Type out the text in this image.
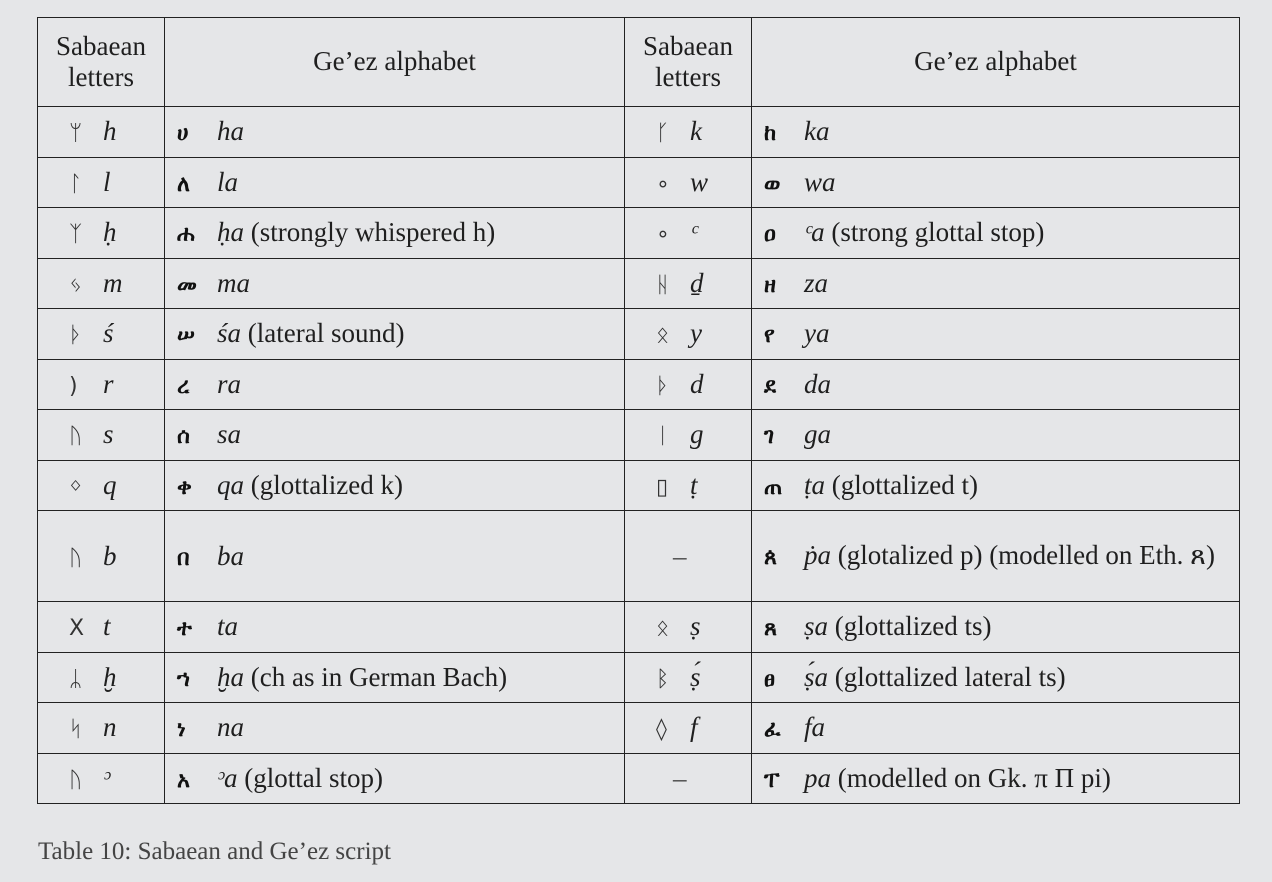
Sabaean letters	Ge’ez alphabet	Sabaean letters	Ge’ez alphabet
ᛘ h	ሀ ha	ᚴ k	ከ ka
ᛚ l	ለ la	∘ w	ወ wa
ᛉ ḥ	ሐ ḥa (strongly whispered h)	∘ ᶜ	ዐ ᶜa (strong glottal stop)
ᛃ m	መ ma	ᚺ ḏ	ዘ za
ᚦ ś	ሠ śa (lateral sound)	ᛟ y	የ ya
) r	ረ ra	ᚦ d	ደ da
ᚢ s	ሰ sa	ᛁ g	ገ ga
ᛜ q	ቀ qa (glottalized k)	▯ ṭ	ጠ ṭa (glottalized t)
ᚢ b	በ ba	–	ጰ ṗa (glotalized p) (modelled on Eth. ጸ)
Ⅹ t	ተ ta	ᛟ ṣ	ጸ ṣa (glottalized ts)
ᛦ ḫ	ኀ ḫa (ch as in German Bach)	ᛒ ṣ́	ፀ ṣ́a (glottalized lateral ts)
ᛋ n	ነ na	◊ f	ፈ fa
ᚢ ᵓ	አ ᵓa (glottal stop)	–	ፐ pa (modelled on Gk. π Π pi)
Table 10: Sabaean and Ge’ez script
